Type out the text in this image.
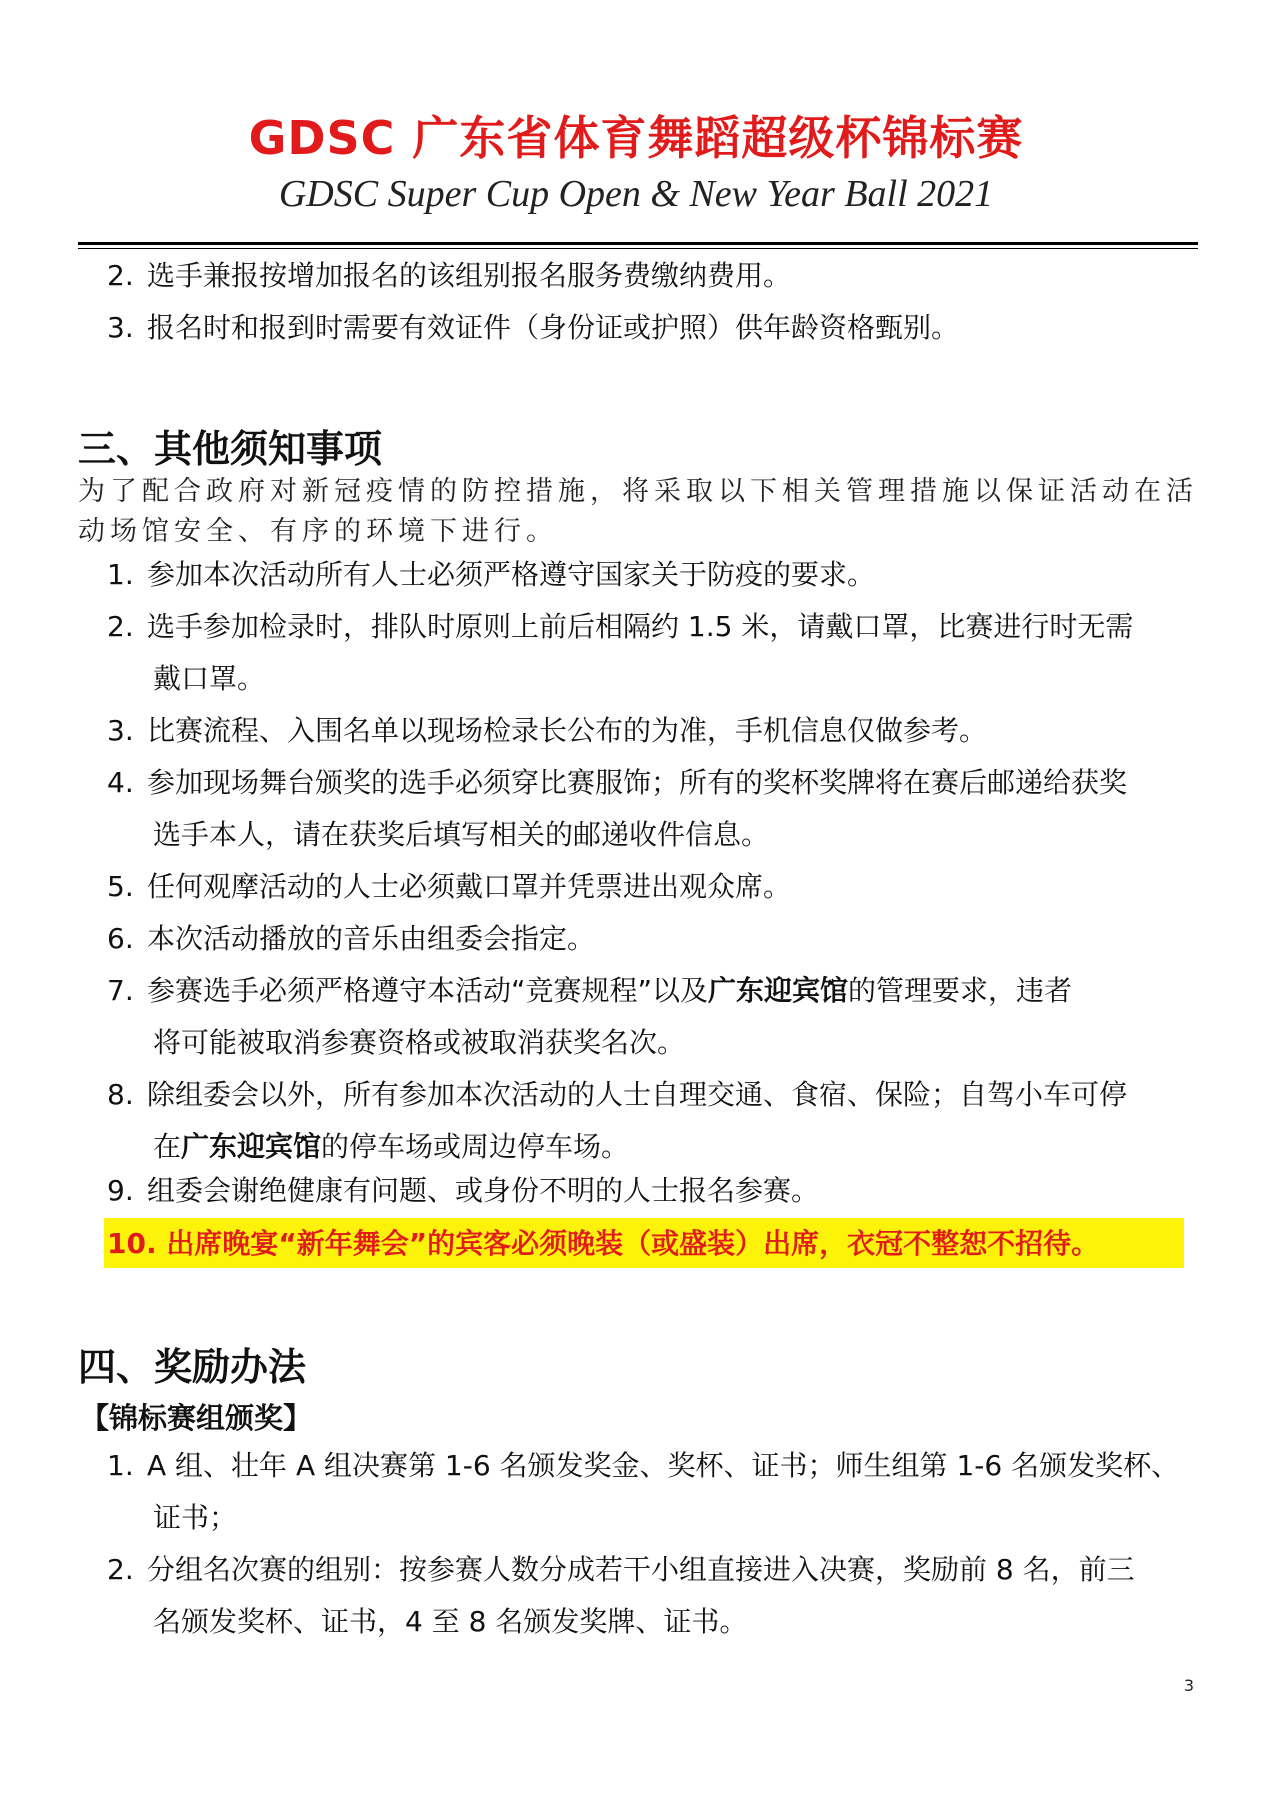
GDSC 广东省体育舞蹈超级杯锦标赛
GDSC Super Cup Open & New Year Ball 2021
2. 选手兼报按增加报名的该组别报名服务费缴纳费用。
3. 报名时和报到时需要有效证件（身份证或护照）供年龄资格甄别。
三、其他须知事项
为了配合政府对新冠疫情的防控措施，将采取以下相关管理措施以保证活动在活动场馆安全、有序的环境下进行。
1. 参加本次活动所有人士必须严格遵守国家关于防疫的要求。
2. 选手参加检录时，排队时原则上前后相隔约 1.5 米，请戴口罩，比赛进行时无需
戴口罩。
3. 比赛流程、入围名单以现场检录长公布的为准，手机信息仅做参考。
4. 参加现场舞台颁奖的选手必须穿比赛服饰；所有的奖杯奖牌将在赛后邮递给获奖
选手本人，请在获奖后填写相关的邮递收件信息。
5. 任何观摩活动的人士必须戴口罩并凭票进出观众席。
6. 本次活动播放的音乐由组委会指定。
7. 参赛选手必须严格遵守本活动“竞赛规程”以及广东迎宾馆的管理要求，违者
将可能被取消参赛资格或被取消获奖名次。
8. 除组委会以外，所有参加本次活动的人士自理交通、食宿、保险；自驾小车可停
在广东迎宾馆的停车场或周边停车场。
9. 组委会谢绝健康有问题、或身份不明的人士报名参赛。
10. 出席晚宴“新年舞会”的宾客必须晚装（或盛装）出席，衣冠不整恕不招待。
四、奖励办法
【锦标赛组颁奖】
1. A 组、壮年 A 组决赛第 1-6 名颁发奖金、奖杯、证书；师生组第 1-6 名颁发奖杯、
证书；
2. 分组名次赛的组别：按参赛人数分成若干小组直接进入决赛，奖励前 8 名，前三
名颁发奖杯、证书，4 至 8 名颁发奖牌、证书。
3
